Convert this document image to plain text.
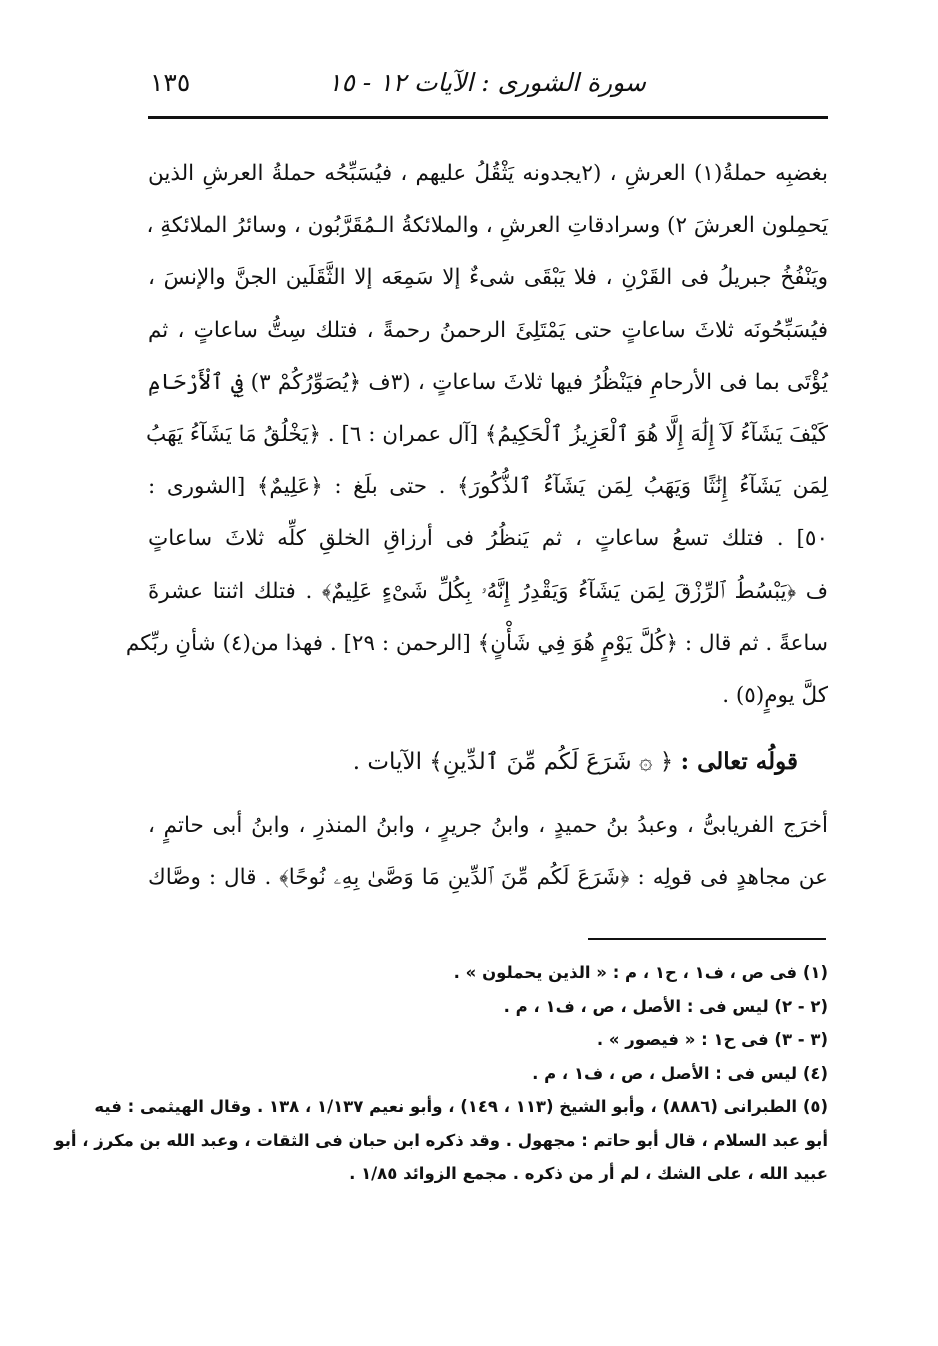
سورة الشورى : الآيات ١٢ - ١٥
١٣٥
بغضبِه حملةُ(١) العرشِ ، (٢يجدونه يَثْقُلُ عليهم ، فيُسَبِّحُه حملةُ العرشِ الذين
يَحمِلون العرشَ ٢) وسرادقاتِ العرشِ ، والملائكةُ الـمُقَرَّبُون ، وسائرُ الملائكةِ ،
ويَنْفُخُ جبريلُ فى القَرْنِ ، فلا يَبْقَى شىءٌ إلا سَمِعَه إلا الثَّقَلَين الجنَّ والإنسَ ،
فيُسَبِّحُونَه ثلاثَ ساعاتٍ حتى يَمْتَلِئَ الرحمنُ رحمةً ، فتلك سِتُّ ساعاتٍ ، ثم
يُؤْتَى بما فى الأرحامِ فيَنْظُرُ فيها ثلاثَ ساعاتٍ ، (٣ف ﴿يُصَوِّرُكُمْ ٣) فِي ٱلْأَرْحَامِ
كَيْفَ يَشَآءُ لَآ إِلَٰهَ إِلَّا هُوَ ٱلْعَزِيزُ ٱلْحَكِيمُ﴾ [آل عمران : ٦] . ﴿يَخْلُقُ مَا يَشَآءُ يَهَبُ
لِمَن يَشَآءُ إِنَٰثًا وَيَهَبُ لِمَن يَشَآءُ ٱلذُّكُورَ﴾ . حتى بلَغ : ﴿عَلِيمٌ﴾ [الشورى :
٥٠] . فتلك تسعُ ساعاتٍ ، ثم يَنظُرُ فى أرزاقِ الخلقِ كلِّه ثلاثَ ساعاتٍ
ف ﴿يَبْسُطُ ٱلرِّزْقَ لِمَن يَشَآءُ وَيَقْدِرُ إِنَّهُۥ بِكُلِّ شَىْءٍ عَلِيمٌ﴾ . فتلك اثنتا عشرةَ
ساعةً . ثم قال : ﴿كُلَّ يَوْمٍ هُوَ فِي شَأْنٍ﴾ [الرحمن : ٢٩] . فهذا من(٤) شأنِ ربِّكم
كلَّ يومٍ(٥) .
قولُه تعالى : ﴿ ۞ شَرَعَ لَكُم مِّنَ ٱلدِّينِ﴾ الآيات .
أخرَج الفريابىُّ ، وعبدُ بنُ حميدٍ ، وابنُ جريرٍ ، وابنُ المنذرِ ، وابنُ أبى حاتمٍ ،
عن مجاهدٍ فى قولِه : ﴿شَرَعَ لَكُم مِّنَ ٱلدِّينِ مَا وَصَّىٰ بِهِۦ نُوحًا﴾ . قال : وصَّاك
(١) فى ص ، ف١ ، ح١ ، م : « الذين يحملون » .
(٢ - ٢) ليس فى : الأصل ، ص ، ف١ ، م .
(٣ - ٣) فى ح١ : « فيصور » .
(٤) ليس فى : الأصل ، ص ، ف١ ، م .
(٥) الطبرانى (٨٨٨٦) ، وأبو الشيخ (١١٣ ، ١٤٩) ، وأبو نعيم ١/١٣٧ ، ١٣٨ . وقال الهيثمى : فيه
أبو عبد السلام ، قال أبو حاتم : مجهول . وقد ذكره ابن حبان فى الثقات ، وعبد الله بن مكرز ، أبو
عبيد الله ، على الشك ، لم أر من ذكره . مجمع الزوائد ١/٨٥ .
